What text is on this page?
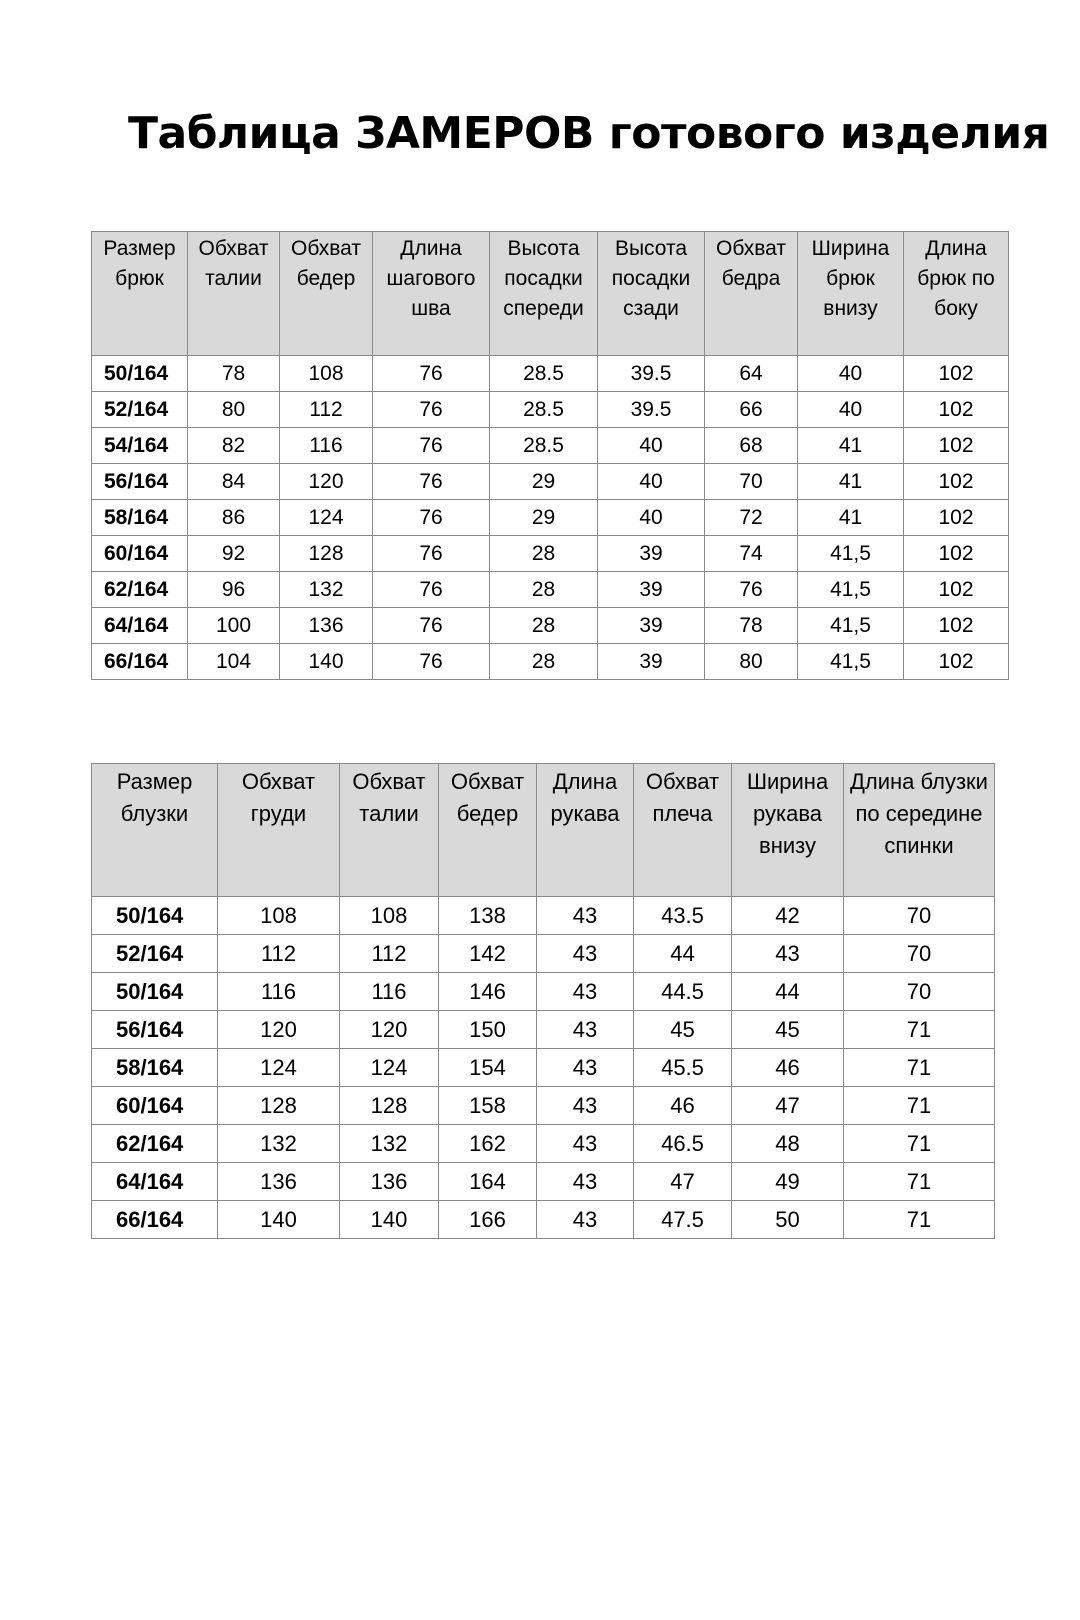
Таблица ЗАМЕРОВ готового изделия
Размер брюк	Обхват талии	Обхват бедер	Длина шагового шва	Высота посадки спереди	Высота посадки сзади	Обхват бедра	Ширина брюк внизу	Длина брюк по боку
50/164	78	108	76	28.5	39.5	64	40	102
52/164	80	112	76	28.5	39.5	66	40	102
54/164	82	116	76	28.5	40	68	41	102
56/164	84	120	76	29	40	70	41	102
58/164	86	124	76	29	40	72	41	102
60/164	92	128	76	28	39	74	41,5	102
62/164	96	132	76	28	39	76	41,5	102
64/164	100	136	76	28	39	78	41,5	102
66/164	104	140	76	28	39	80	41,5	102
Размер блузки	Обхват груди	Обхват талии	Обхват бедер	Длина рукава	Обхват плеча	Ширина рукава внизу	Длина блузки по середине спинки
50/164	108	108	138	43	43.5	42	70
52/164	112	112	142	43	44	43	70
50/164	116	116	146	43	44.5	44	70
56/164	120	120	150	43	45	45	71
58/164	124	124	154	43	45.5	46	71
60/164	128	128	158	43	46	47	71
62/164	132	132	162	43	46.5	48	71
64/164	136	136	164	43	47	49	71
66/164	140	140	166	43	47.5	50	71
